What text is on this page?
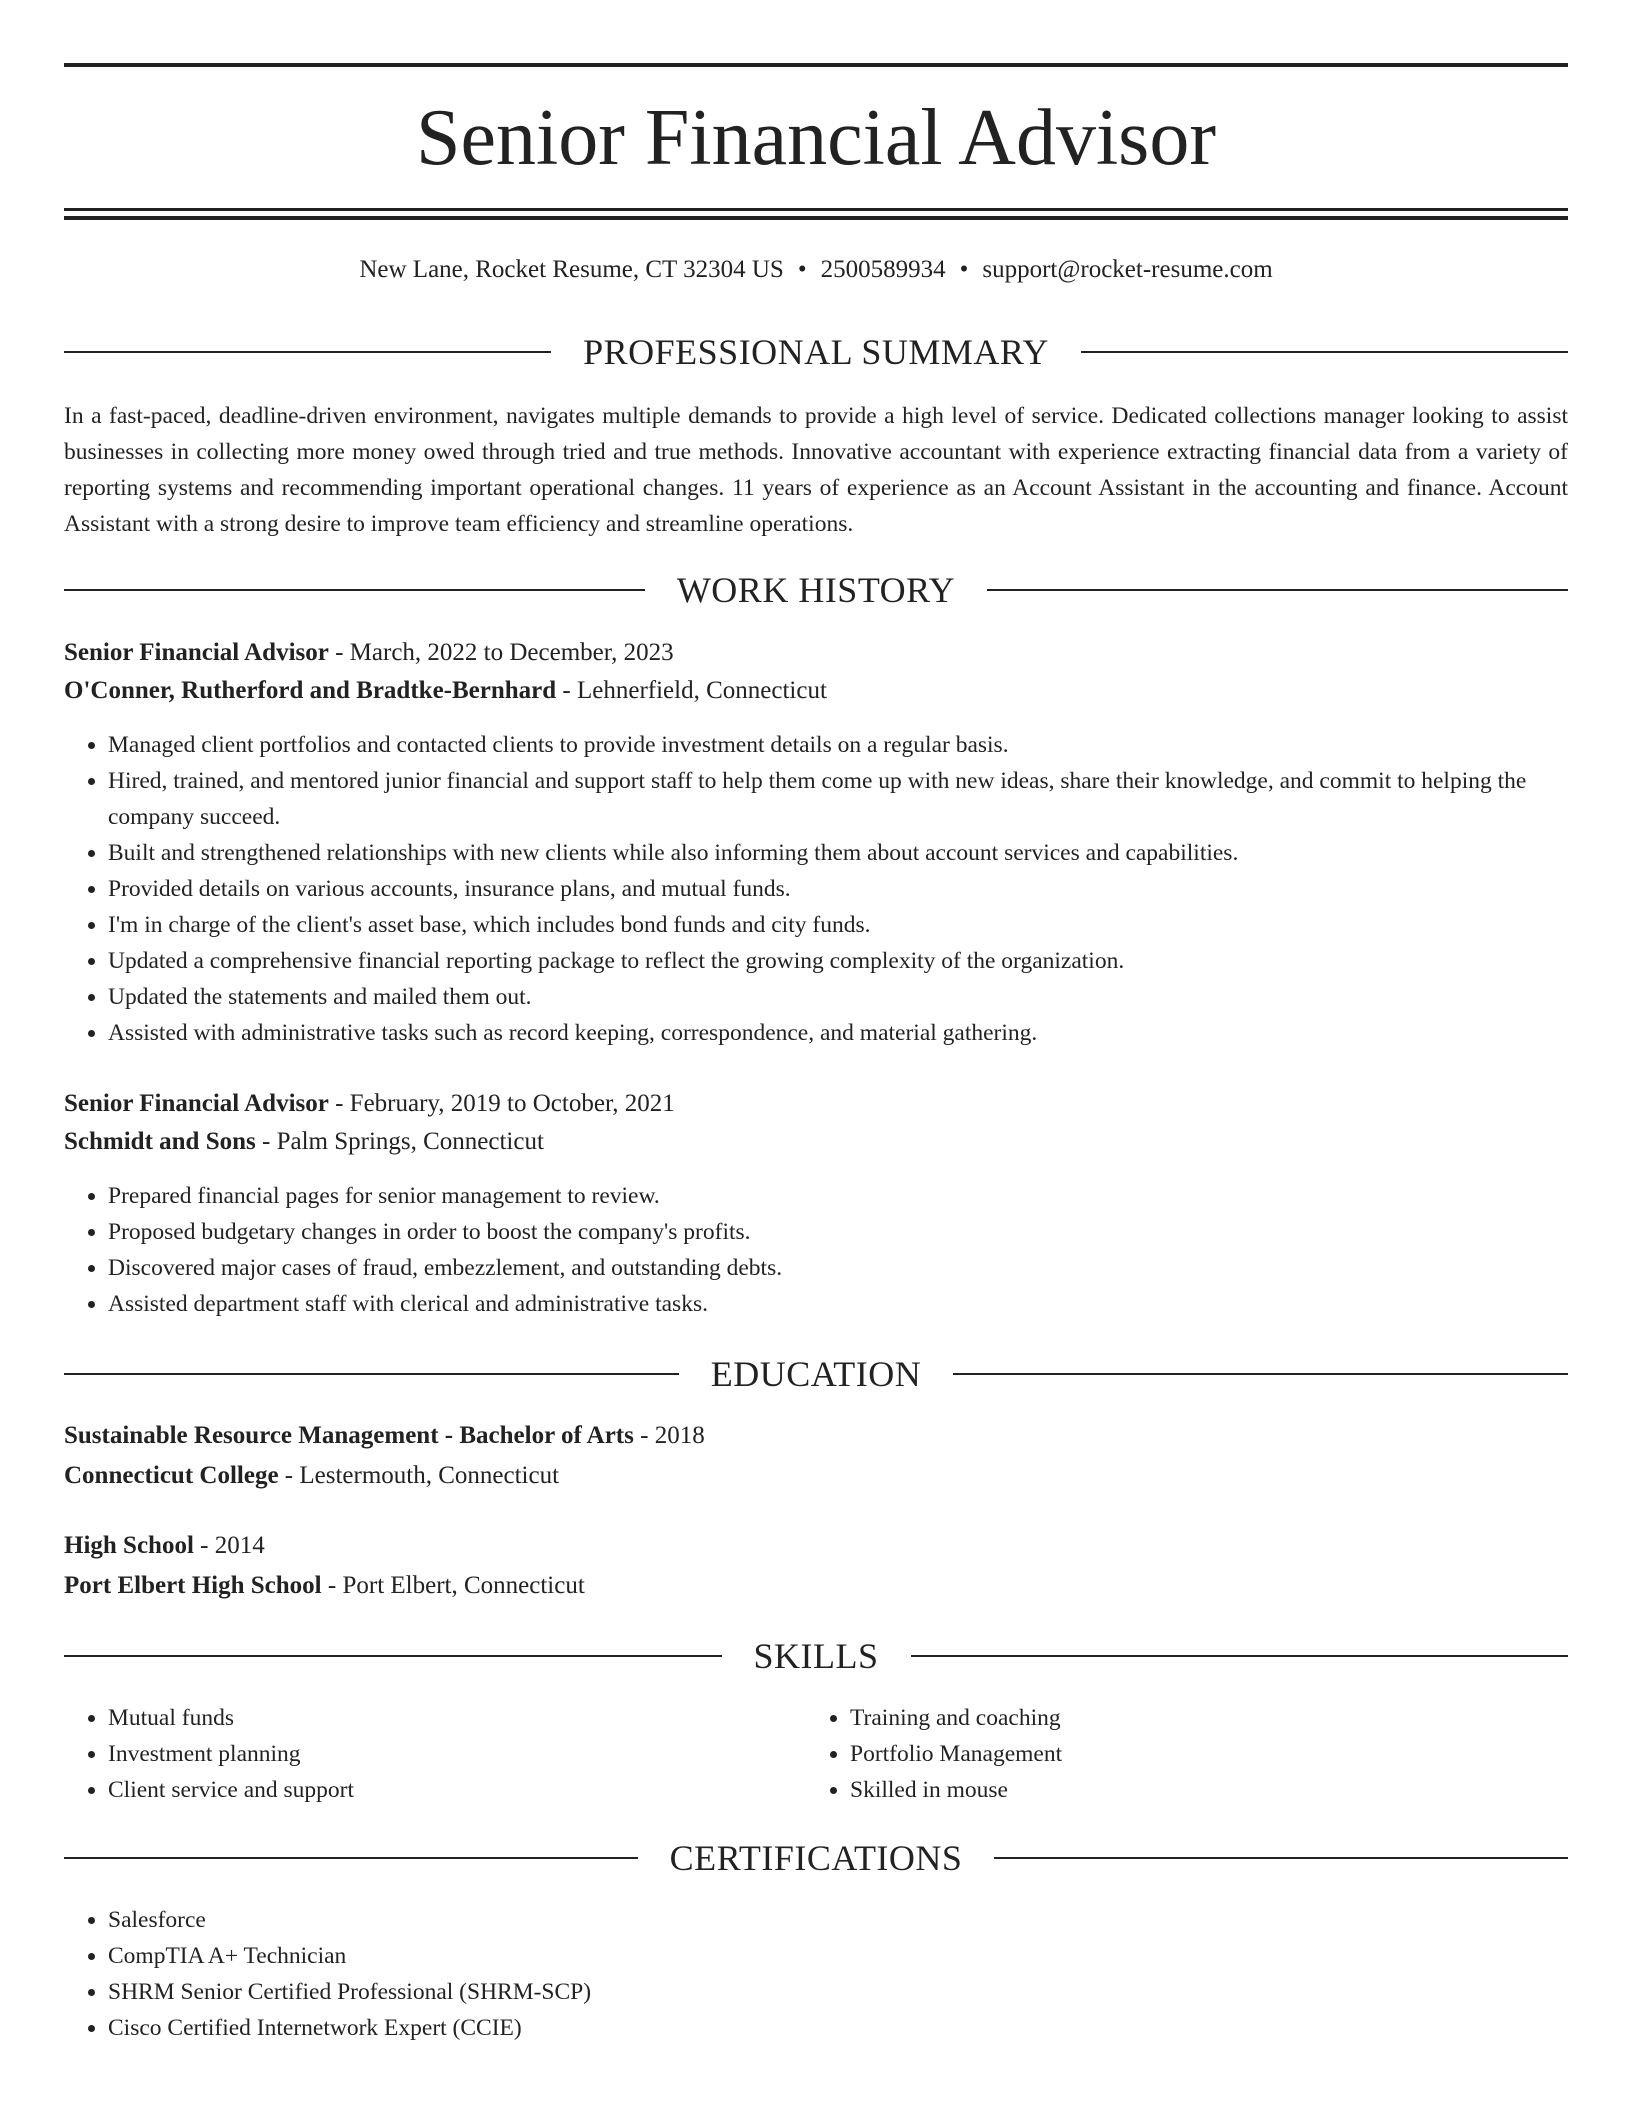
Senior Financial Advisor
New Lane, Rocket Resume, CT 32304 US • 2500589934 • support@rocket-resume.com
PROFESSIONAL SUMMARY

In a fast-paced, deadline-driven environment, navigates multiple demands to provide a high level of service. Dedicated collections manager looking to assist businesses in collecting more money owed through tried and true methods. Innovative accountant with experience extracting financial data from a variety of reporting systems and recommending important operational changes. 11 years of experience as an Account Assistant in the accounting and finance. Account Assistant with a strong desire to improve team efficiency and streamline operations.

WORK HISTORY
Senior Financial Advisor - March, 2022 to December, 2023
O'Conner, Rutherford and Bradtke-Bernhard - Lehnerfield, Connecticut
• Managed client portfolios and contacted clients to provide investment details on a regular basis.
• Hired, trained, and mentored junior financial and support staff to help them come up with new ideas, share their knowledge, and commit to helping the company succeed.
• Built and strengthened relationships with new clients while also informing them about account services and capabilities.
• Provided details on various accounts, insurance plans, and mutual funds.
• I'm in charge of the client's asset base, which includes bond funds and city funds.
• Updated a comprehensive financial reporting package to reflect the growing complexity of the organization.
• Updated the statements and mailed them out.
• Assisted with administrative tasks such as record keeping, correspondence, and material gathering.
Senior Financial Advisor - February, 2019 to October, 2021
Schmidt and Sons - Palm Springs, Connecticut
• Prepared financial pages for senior management to review.
• Proposed budgetary changes in order to boost the company's profits.
• Discovered major cases of fraud, embezzlement, and outstanding debts.
• Assisted department staff with clerical and administrative tasks.
EDUCATION
Sustainable Resource Management - Bachelor of Arts - 2018
Connecticut College - Lestermouth, Connecticut
High School - 2014
Port Elbert High School - Port Elbert, Connecticut
SKILLS
• Mutual funds
• Investment planning
• Client service and support
• Training and coaching
• Portfolio Management
• Skilled in mouse
CERTIFICATIONS
• Salesforce
• CompTIA A+ Technician
• SHRM Senior Certified Professional (SHRM-SCP)
• Cisco Certified Internetwork Expert (CCIE)
